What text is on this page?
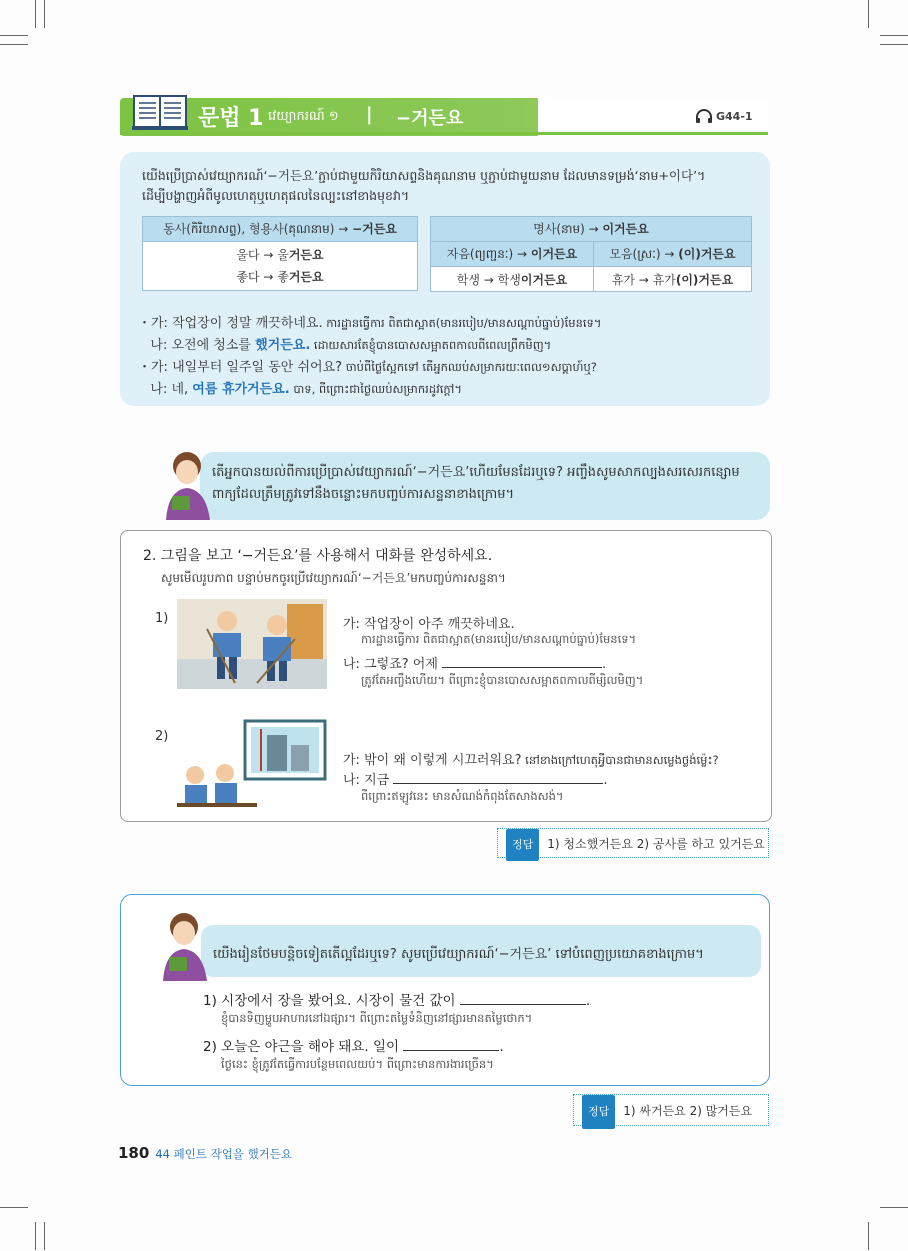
문법 1 វេយ្យាករណ៍ ១ | −거든요	G44-1
យើងប្រើប្រាស់វេយ្យាករណ៍‘−거든요’ភ្ជាប់ជាមួយកិរិយាសព្ទនិងគុណនាម ឬភ្ជាប់ជាមួយនាម ដែលមានទម្រង់‘នាម+이다’។
ដើម្បីបង្ហាញអំពីមូលហេតុឬហេតុផលនៃល្បះនៅខាងមុខវា។
동사(កិរិយាសព្ទ), 형용사(គុណនាម) → −거든요
울다 → 울거든요
좋다 → 좋거든요
명사(នាម) → 이거든요	
자음(ព្យញ្ជនៈ) → 이거든요	모음(ស្រៈ) → (이)거든요
학생 → 학생이거든요	휴가 → 휴가(이)거든요
・가: 작업장이 정말 깨끗하네요. ការដ្ឋានធ្វើការ ពិតជាស្អាត(មានរបៀប/មានសណ្ដាប់ធ្នាប់)មែនទេ។
나: 오전에 청소를 했거든요. ដោយសារតែខ្ញុំបានបោសសម្អាតពកាលពីពេលព្រឹកមិញ។
・가: 내일부터 일주일 동안 쉬어요? ចាប់ពីថ្ងៃស្អែកទៅ តើអ្នកឈប់សម្រាករយៈពេល១សប្ដាហ៍ឬ?
나: 네, 여름 휴가거든요. បាទ, ពីព្រោះជាថ្ងៃឈប់សម្រាករដូវក្ដៅ។
តើអ្នកបានយល់ពីការប្រើប្រាស់វេយ្យាករណ៍‘−거든요’ហើយមែនដែរឬទេ? អញ្ចឹងសូមសាកល្បងសរសេរកន្សោមពាក្យដែលត្រឹមត្រូវទៅនឹងចន្លោះមកបញ្ចប់ការសន្ទនាខាងក្រោម។
2. 그림을 보고 ‘−거든요’를 사용해서 대화를 완성하세요.
សូមមើលរូបភាព បន្ទាប់មកចូរប្រើវេយ្យាករណ៍‘−거든요’មកបញ្ចប់ការសន្ទនា។
1)	가: 작업장이 아주 깨끗하네요.
ការដ្ឋានធ្វើការ ពិតជាស្អាត(មានរបៀប/មានសណ្ដាប់ធ្នាប់)មែនទេ។
나: 그렇죠? 어제	.
ត្រូវតែអញ្ចឹងហើយ។ ពីព្រោះខ្ញុំបានបោសសម្អាតពកាលពីម្សិលមិញ។
2)
가: 밖이 왜 이렇게 시끄러워요? នៅខាងក្រៅហេតុអ្វីបានជាមានសម្លេងថ្លង់ម្ល៉េះ?
나: 지금	.
ពីព្រោះឥឡូវនេះ មានសំណង់កំពុងតែសាងសង់។
정답 1) 청소했거든요 2) 공사를 하고 있거든요
យើងរៀនថែមបន្តិចទៀតតើល្អដែរឬទេ? សូមប្រើវេយ្យាករណ៍‘−거든요’ ទៅបំពេញប្រយោគខាងក្រោម។
1) 시장에서 장을 봤어요. 시장이 물건 값이	.
ខ្ញុំបានទិញម្ហូបអាហារនៅឯផ្សារ។ ពីព្រោះតម្លៃទំនិញនៅផ្សារមានតម្លៃថោក។
2) 오늘은 야근을 해야 돼요. 일이	.
ថ្ងៃនេះ ខ្ញុំត្រូវតែធ្វើការបន្ថែមពេលយប់។ ពីព្រោះមានការងារច្រើន។
정답 1) 싸거든요 2) 많거든요
180 44 페인트 작업을 했거든요
